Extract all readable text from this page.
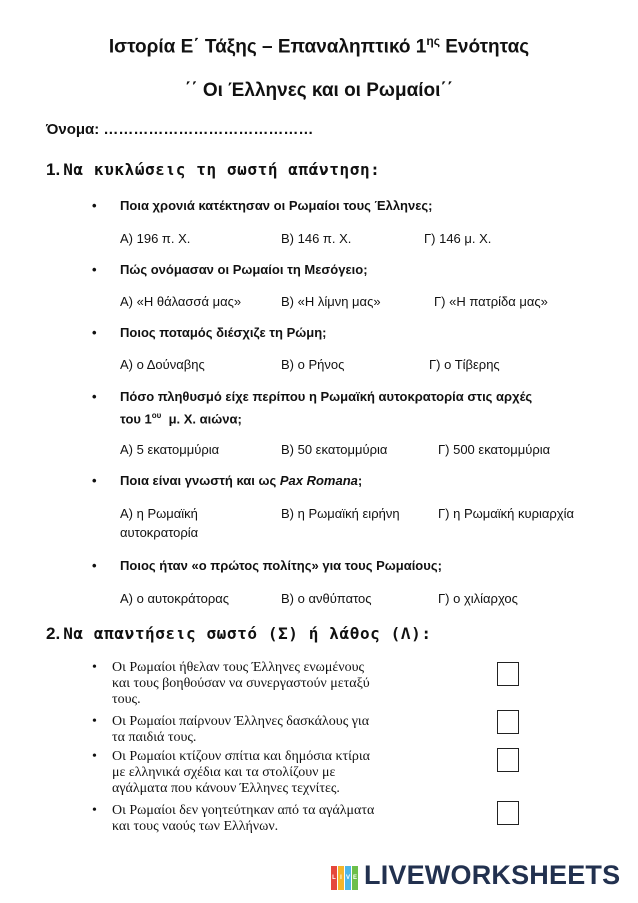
Ιστορία Ε΄ Τάξης – Επαναληπτικό $1^{\eta\varsigma}$ Ενότητας
΄΄ Οι Έλληνες και οι Ρωμαίοι΄΄
Όνομα: ……………………………………
1. Να κυκλώσεις τη σωστή απάντηση:
• Ποια χρονιά κατέκτησαν οι Ρωμαίοι τους Έλληνες;
Α) 196 π. Χ.	Β) 146 π. Χ.	Γ) 146 μ. Χ.
• Πώς ονόμασαν οι Ρωμαίοι τη Μεσόγειο;
Α) «Η θάλασσά μας»	Β) «Η λίμνη μας»	Γ) «Η πατρίδα μας»
• Ποιος ποταμός διέσχιζε τη Ρώμη;
Α) ο Δούναβης	Β) ο Ρήνος	Γ) ο Τίβερης
• Πόσο πληθυσμό είχε περίπου η Ρωμαϊκή αυτοκρατορία στις αρχές
του $1^{o\upsilon}$  μ. Χ. αιώνα;
Α) 5 εκατομμύρια	Β) 50 εκατομμύρια	Γ) 500 εκατομμύρια
• Ποια είναι γνωστή και ως Pax Romana;
Α) η Ρωμαϊκή
αυτοκρατορία
Β) η Ρωμαϊκή ειρήνη	Γ) η Ρωμαϊκή κυριαρχία
• Ποιος ήταν «ο πρώτος πολίτης» για τους Ρωμαίους;
Α) ο αυτοκράτορας	Β) ο ανθύπατος	Γ) ο χιλίαρχος
2. Να απαντήσεις σωστό (Σ) ή λάθος (Λ):
• Οι Ρωμαίοι ήθελαν τους Έλληνες ενωμένους
και τους βοηθούσαν να συνεργαστούν μεταξύ
τους.
• Οι Ρωμαίοι παίρνουν Έλληνες δασκάλους για
τα παιδιά τους.
• Οι Ρωμαίοι κτίζουν σπίτια και δημόσια κτίρια
με ελληνικά σχέδια και τα στολίζουν με
αγάλματα που κάνουν Έλληνες τεχνίτες.
• Οι Ρωμαίοι δεν γοητεύτηκαν από τα αγάλματα
και τους ναούς των Ελλήνων.
L I V E LIVEWORKSHEETS
